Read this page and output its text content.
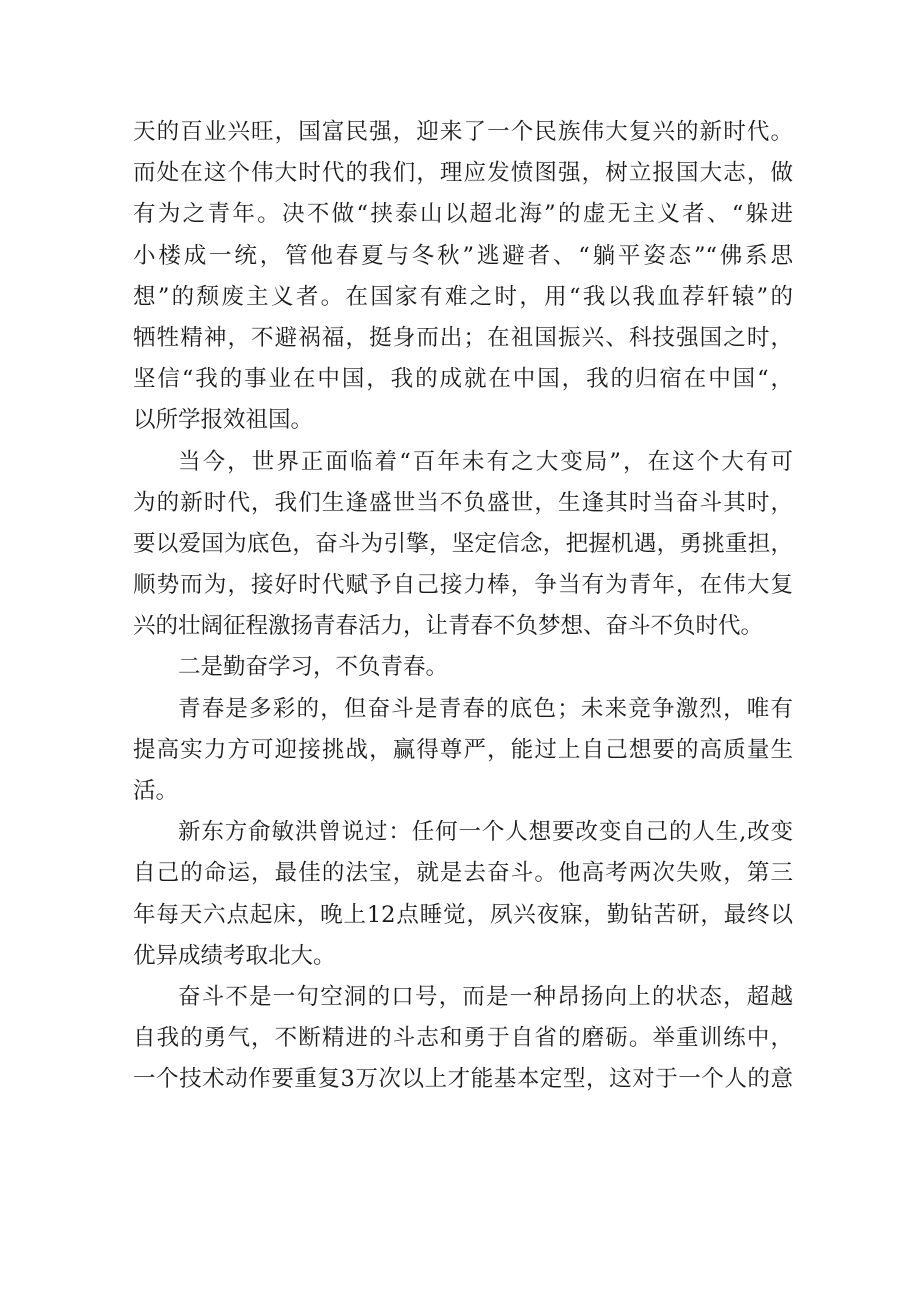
天的百业兴旺，国富民强，迎来了一个民族伟大复兴的新时代。
而处在这个伟大时代的我们，理应发愤图强，树立报国大志，做
有为之青年。决不做“挟泰山以超北海”的虚无主义者、“躲进
小楼成一统，管他春夏与冬秋”逃避者、“躺平姿态”“佛系思
想”的颓废主义者。在国家有难之时，用“我以我血荐轩辕”的
牺牲精神，不避祸福，挺身而出；在祖国振兴、科技强国之时，
坚信“我的事业在中国，我的成就在中国，我的归宿在中国“，
以所学报效祖国。
当今，世界正面临着“百年未有之大变局”，在这个大有可
为的新时代，我们生逢盛世当不负盛世，生逢其时当奋斗其时，
要以爱国为底色，奋斗为引擎，坚定信念，把握机遇，勇挑重担，
顺势而为，接好时代赋予自己接力棒，争当有为青年，在伟大复
兴的壮阔征程激扬青春活力，让青春不负梦想、奋斗不负时代。
二是勤奋学习，不负青春。
青春是多彩的，但奋斗是青春的底色；未来竞争激烈，唯有
提高实力方可迎接挑战，赢得尊严，能过上自己想要的高质量生
活。
新东方俞敏洪曾说过：任何一个人想要改变自己的人生,改变
自己的命运，最佳的法宝，就是去奋斗。他高考两次失败，第三
年每天六点起床，晚上12点睡觉，夙兴夜寐，勤钻苦研，最终以
优异成绩考取北大。
奋斗不是一句空洞的口号，而是一种昂扬向上的状态，超越
自我的勇气，不断精进的斗志和勇于自省的磨砺。举重训练中，
一个技术动作要重复3万次以上才能基本定型，这对于一个人的意
